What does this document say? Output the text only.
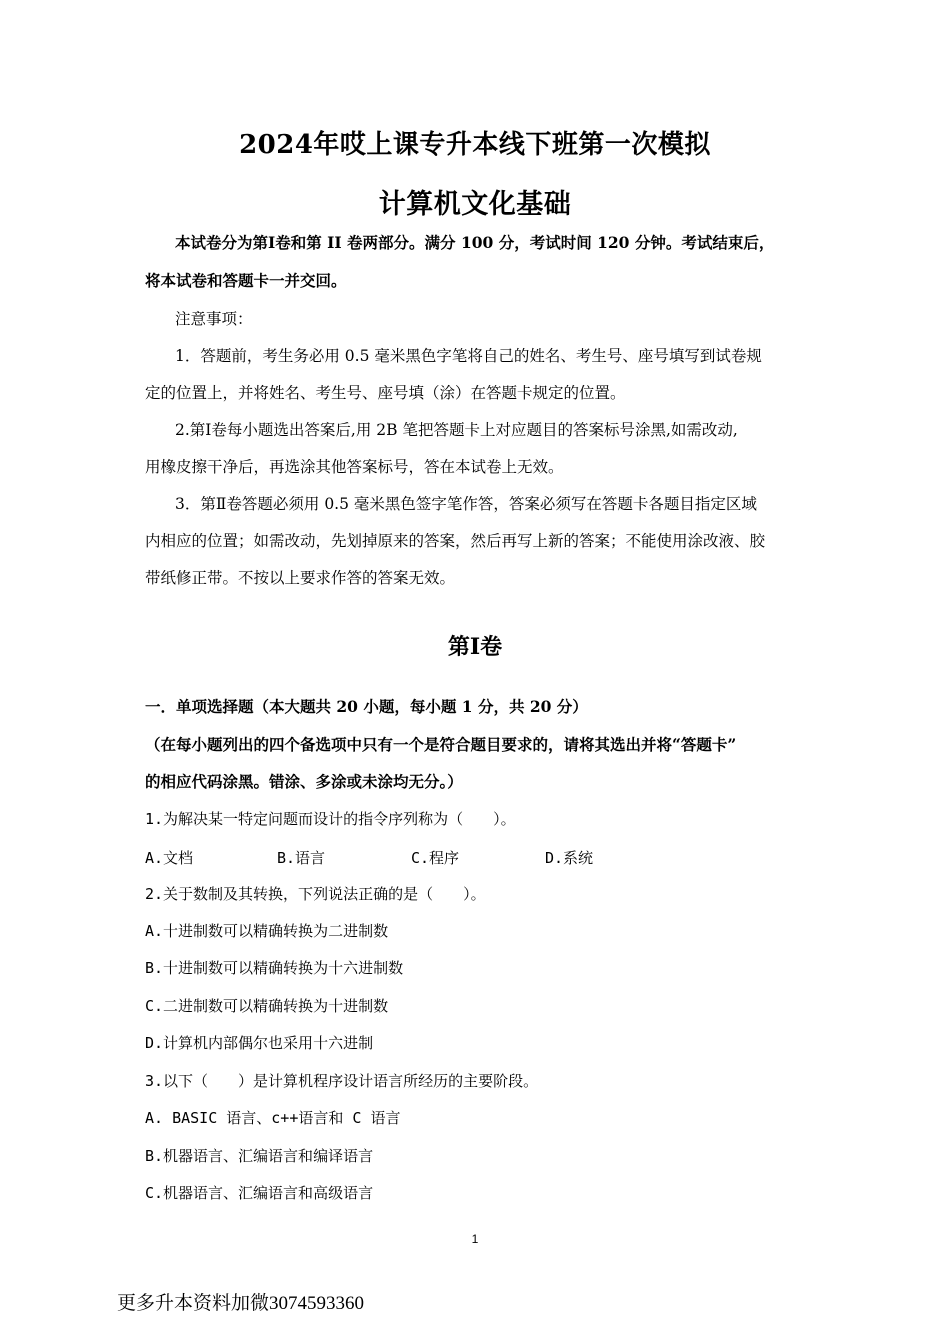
2024年哎上课专升本线下班第一次模拟
计算机文化基础
本试卷分为第Ⅰ卷和第 II 卷两部分。满分 100 分，考试时间 120 分钟。考试结束后，
将本试卷和答题卡一并交回。
注意事项：
1．答题前，考生务必用 0.5 毫米黑色字笔将自己的姓名、考生号、座号填写到试卷规
定的位置上，并将姓名、考生号、座号填（涂）在答题卡规定的位置。
2.第Ⅰ卷每小题选出答案后,用 2B 笔把答题卡上对应题目的答案标号涂黑,如需改动,
用橡皮擦干净后，再选涂其他答案标号，答在本试卷上无效。
3．第Ⅱ卷答题必须用 0.5 毫米黑色签字笔作答，答案必须写在答题卡各题目指定区域
内相应的位置；如需改动，先划掉原来的答案，然后再写上新的答案；不能使用涂改液、胶
带纸修正带。不按以上要求作答的答案无效。
第Ⅰ卷
一．单项选择题（本大题共 20 小题，每小题 1 分，共 20 分）
（在每小题列出的四个备选项中只有一个是符合题目要求的，请将其选出并将“答题卡”
的相应代码涂黑。错涂、多涂或未涂均无分。）
1.为解决某一特定问题而设计的指令序列称为（　　）。
A.文档	B.语言	C.程序	D.系统
2.关于数制及其转换，下列说法正确的是（　　）。
A.十进制数可以精确转换为二进制数
B.十进制数可以精确转换为十六进制数
C.二进制数可以精确转换为十进制数
D.计算机内部偶尔也采用十六进制
3.以下（　　）是计算机程序设计语言所经历的主要阶段。
A. BASIC 语言、c++语言和 C 语言
B.机器语言、汇编语言和编译语言
C.机器语言、汇编语言和高级语言
1
更多升本资料加微3074593360
